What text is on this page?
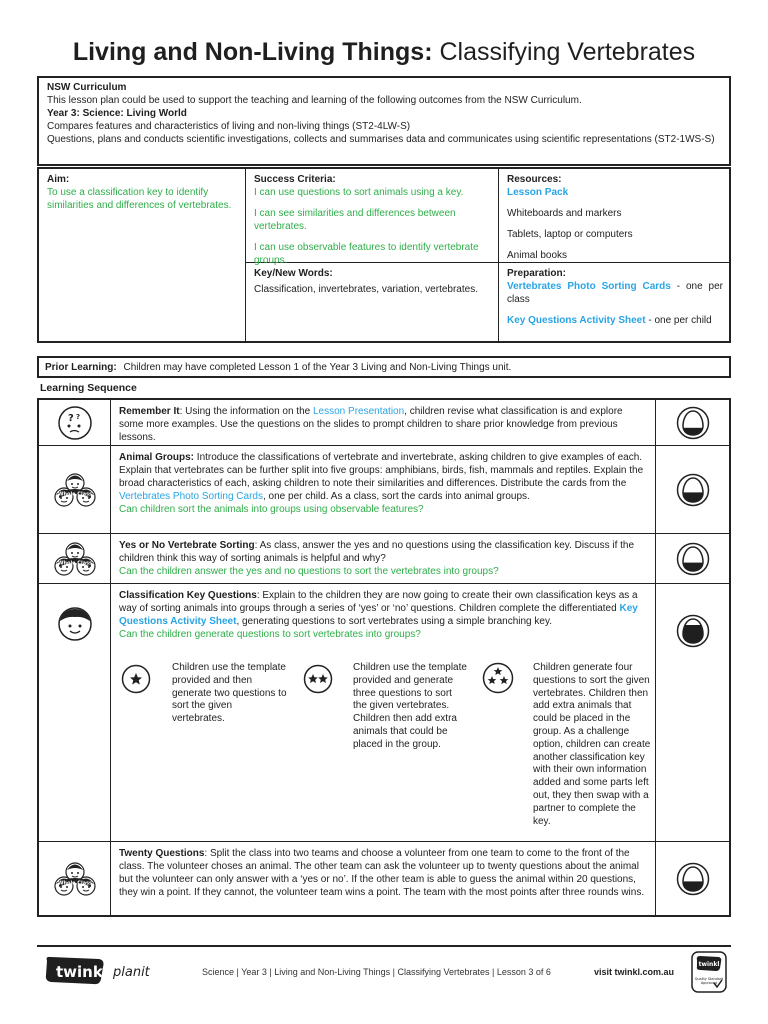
Living and Non-Living Things: Classifying Vertebrates
NSW Curriculum
This lesson plan could be used to support the teaching and learning of the following outcomes from the NSW Curriculum.
Year 3: Science: Living World
Compares features and characteristics of living and non-living things (ST2-4LW-S)
Questions, plans and conducts scientific investigations, collects and summarises data and communicates using scientific representations (ST2-1WS-S)
Aim:
To use a classification key to identify similarities and differences of vertebrates.
Success Criteria:

I can use questions to sort animals using a key.

I can see similarities and differences between vertebrates.

I can use observable features to identify vertebrate groups.

Resources:

Lesson Pack

Whiteboards and markers

Tablets, laptop or computers

Animal books

Key/New Words:
Classification, invertebrates, variation, vertebrates.
Preparation:

Vertebrates Photo Sorting Cards - one per class

Key Questions Activity Sheet - one per child

Prior Learning: Children may have completed Lesson 1 of the Year 3 Living and Non-Living Things unit.
Learning Sequence
? ?	Remember It: Using the information on the Lesson Presentation, children revise what classification is and explore some more examples. Use the questions on the slides to prompt children to share prior knowledge from previous lessons.
Whole Class
Animal Groups: Introduce the classifications of vertebrate and invertebrate, asking children to give examples of each. Explain that vertebrates can be further split into five groups: amphibians, birds, fish, mammals and reptiles. Explain the broad characteristics of each, asking children to note their similarities and differences. Distribute the cards from the Vertebrates Photo Sorting Cards, one per child. As a class, sort the cards into animal groups.
Can children sort the animals into groups using observable features?
Whole Class
Yes or No Vertebrate Sorting: As class, answer the yes and no questions using the classification key. Discuss if the children think this way of sorting animals is helpful and why?
Can the children answer the yes and no questions to sort the vertebrates into groups?
Classification Key Questions: Explain to the children they are now going to create their own classification keys as a way of sorting animals into groups through a series of ‘yes’ or ‘no’ questions. Children complete the differentiated Key Questions Activity Sheet, generating questions to sort vertebrates using a simple branching key.
Can the children generate questions to sort vertebrates into groups?
Children use the template provided and then generate two questions to sort the given vertebrates.
Children use the template provided and generate three questions to sort the given vertebrates. Children then add extra animals that could be placed in the group.
Children generate four questions to sort the given vertebrates. Children then add extra animals that could be placed in the group. As a challenge option, children can create another classification key with their own information added and some parts left out, they then swap with a partner to complete the key.
Whole Class
Twenty Questions: Split the class into two teams and choose a volunteer from one team to come to the front of the class. The volunteer choses an animal. The other team can ask the volunteer up to twenty questions about the animal but the volunteer can only answer with a ‘yes or no’. If the other team is able to guess the animal within 20 questions, they win a point. If they cannot, the volunteer team wins a point. The team with the most points after three rounds wins.
twinkl planit	Science | Year 3 | Living and Non-Living Things | Classifying Vertebrates | Lesson 3 of 6	visit twinkl.com.au
twinkl
Quality Standard Approved
